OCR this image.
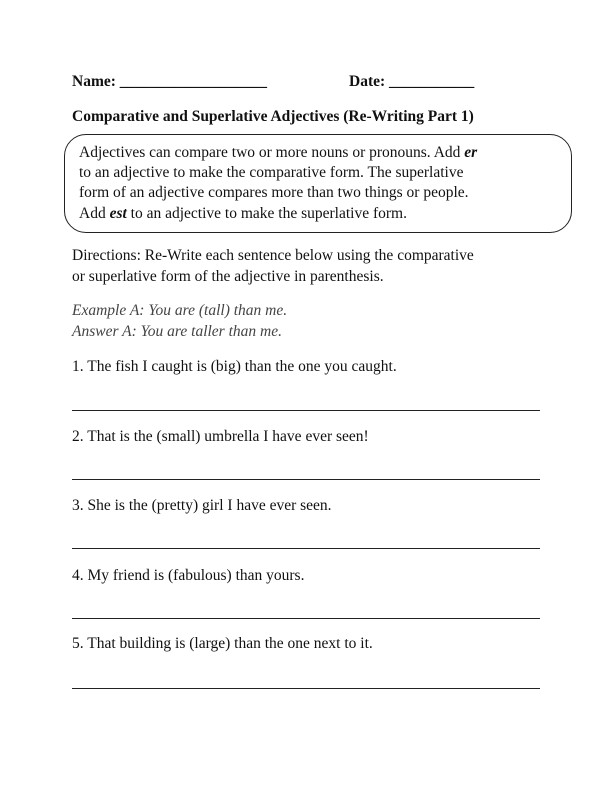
Name: ___________________	Date: ___________
Comparative and Superlative Adjectives (Re-Writing Part 1)
Adjectives can compare two or more nouns or pronouns. Add er
to an adjective to make the comparative form. The superlative
form of an adjective compares more than two things or people.
Add est to an adjective to make the superlative form.
Directions: Re-Write each sentence below using the comparative
or superlative form of the adjective in parenthesis.
Example A: You are (tall) than me.
Answer A: You are taller than me.
1. The fish I caught is (big) than the one you caught.
2. That is the (small) umbrella I have ever seen!
3. She is the (pretty) girl I have ever seen.
4. My friend is (fabulous) than yours.
5. That building is (large) than the one next to it.
